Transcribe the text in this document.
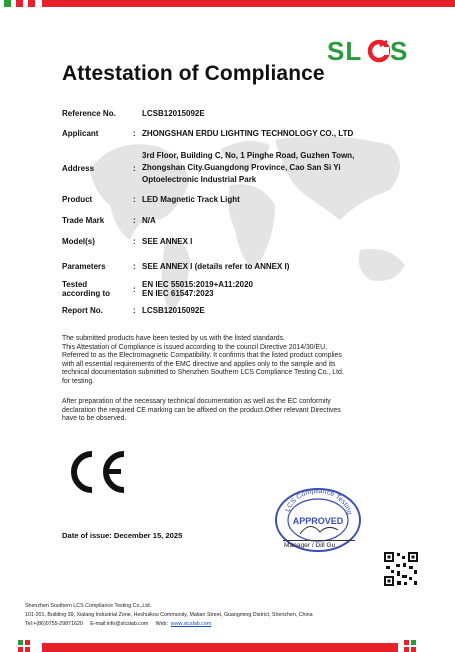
SL S
Attestation of Compliance
Reference No.	LCSB12015092E
Applicant	: ZHONGSHAN ERDU LIGHTING TECHNOLOGY CO., LTD
Address	:
3rd Floor, Building C, No, 1 Pinghe Road, Guzhen Town,
Zhongshan City.Guangdong Province, Cao San Si Yi
Optoelectronic Industrial Park
Product	: LED Magnetic Track Light
Trade Mark	: N/A
Model(s)	: SEE ANNEX I
Parameters	: SEE ANNEX I (details refer to ANNEX I)
Tested
according to	:
EN IEC 55015:2019+A11:2020
EN IEC 61547:2023
Report No.	: LCSB12015092E

The submitted products have been tested by us with the listed standards.

This Attestation of Compliance is issued according to the council Directive 2014/30/EU,

Referred to as the Electromagnetic Compatibility. It confirms that the listed product complies

with all essential requirements of the EMC directive and applies only to the sample and its

technical documentation submitted to Shenzhen Southern LCS Compliance Testing Co., Ltd.

for testing.

After preparation of the necessary technical documentation as well as the EC conformity

declaration the required CE marking can be affixed on the product.Other relevant Directives

have to be observed.

LCS Compliance Testing
APPROVED
Manager / Dill Gu
Date of issue: December 15, 2025
Shenzhen Southern LCS Compliance Testing Co.,Ltd.
101-201, Building 39, Xialang Industrial Zone, Heshuikou Community, Matian Street, Guangming District, Shenzhen, China
Tel:+(86)0755-29871620 E-mail:info@slcslab.com Web: www.slcslab.com
